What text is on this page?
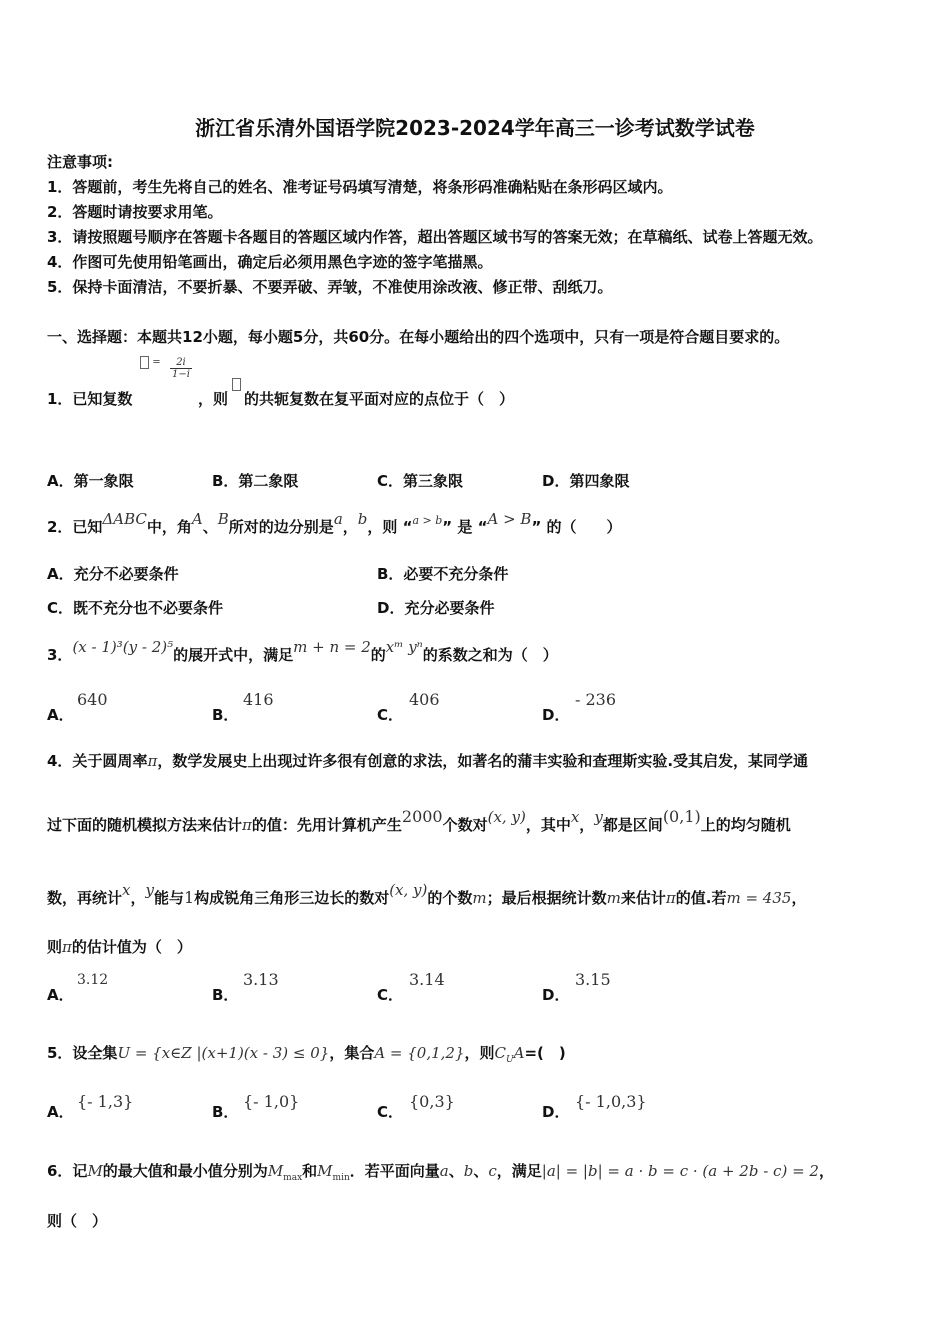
浙江省乐清外国语学院2023-2024学年高三一诊考试数学试卷
注意事项:
1．答题前，考生先将自己的姓名、准考证号码填写清楚，将条形码准确粘贴在条形码区域内。
2．答题时请按要求用笔。
3．请按照题号顺序在答题卡各题目的答题区域内作答，超出答题区域书写的答案无效；在草稿纸、试卷上答题无效。
4．作图可先使用铅笔画出，确定后必须用黑色字迹的签字笔描黑。
5．保持卡面清洁，不要折暴、不要弄破、弄皱，不准使用涂改液、修正带、刮纸刀。
一、选择题：本题共12小题，每小题5分，共60分。在每小题给出的四个选项中，只有一项是符合题目要求的。
= $\frac{2i}{1-i}$
1．已知复数	，则 的共轭复数在复平面对应的点位于（　）
A．第一象限	B．第二象限	C．第三象限	D．第四象限
2．已知ΔABC中，角A、B所对的边分别是a，b，则 “$^{a > b}$” 是 “A > B” 的（　　）
A．充分不必要条件	B．必要不充分条件
C．既不充分也不必要条件	D．充分必要条件
3．(x - 1)³(y - 2)⁵的展开式中，满足m + n = 2的xᵐ yⁿ的系数之和为（　）
A．
640
B．
416
C．
406
D．
- 236
4．关于圆周率π，数学发展史上出现过许多很有创意的求法，如著名的蒲丰实验和查理斯实验.受其启发，某同学通
过下面的随机模拟方法来估计π的值：先用计算机产生2000个数对(x, y)，其中x，y都是区间(0,1)上的均匀随机
数，再统计x，y能与1构成锐角三角形三边长的数对(x, y)的个数m；最后根据统计数m来估计π的值.若m = 435，
则π的估计值为（　）
A．
3.12
B．
3.13
C．
3.14
D．
3.15
5．设全集U = {x∈Z |(x+1)(x - 3) ≤ 0}，集合A = {0,1,2}，则$C_UA=$(　)
A．
{- 1,3}
B．
{- 1,0}
C．
{0,3}
D．
{- 1,0,3}
6．记M的最大值和最小值分别为$M_{max}$和$M_{min}$．若平面向量a、b、c，满足|a| = |b| = a · b = c · (a + 2b - c) = 2，
则（　）
